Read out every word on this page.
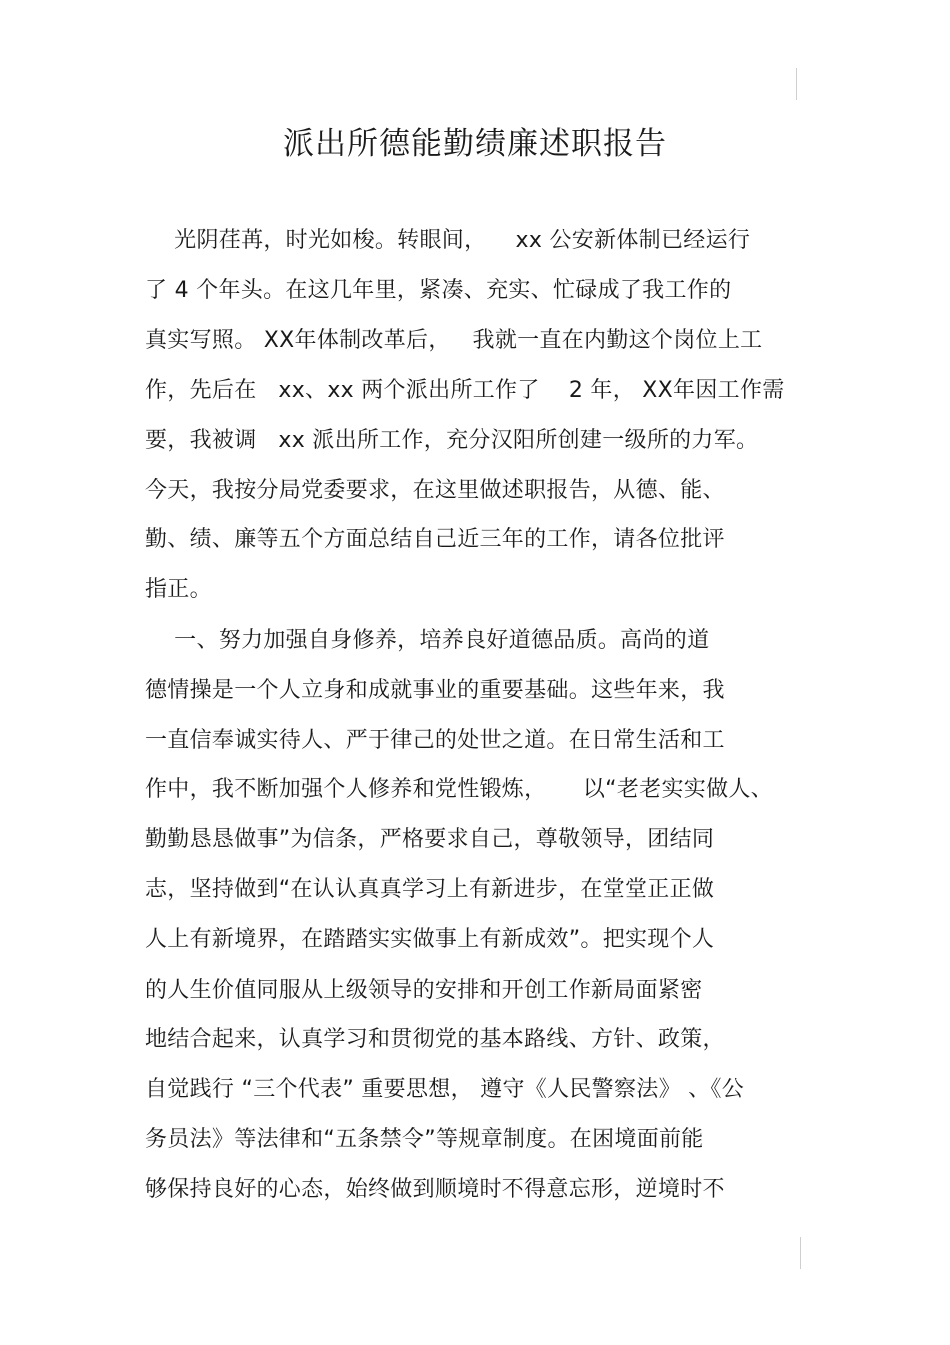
派出所德能勤绩廉述职报告
光阴荏苒，时光如梭。转眼间，    xx 公安新体制已经运行
了 4 个年头。在这几年里，紧凑、充实、忙碌成了我工作的
真实写照。 XX年体制改革后，   我就一直在内勤这个岗位上工
作，先后在   xx、xx 两个派出所工作了    2 年， XX年因工作需
要，我被调   xx 派出所工作，充分汉阳所创建一级所的力军。
今天，我按分局党委要求，在这里做述职报告，从德、能、
勤、绩、廉等五个方面总结自己近三年的工作，请各位批评
指正。
一、努力加强自身修养，培养良好道德品质。高尚的道
德情操是一个人立身和成就事业的重要基础。这些年来，我
一直信奉诚实待人、严于律己的处世之道。在日常生活和工
作中，我不断加强个人修养和党性锻炼，     以“老老实实做人、
勤勤恳恳做事”为信条，严格要求自己，尊敬领导，团结同
志，坚持做到“在认认真真学习上有新进步，在堂堂正正做
人上有新境界，在踏踏实实做事上有新成效”。把实现个人
的人生价值同服从上级领导的安排和开创工作新局面紧密
地结合起来，认真学习和贯彻党的基本路线、方针、政策，
自觉践行 “三个代表” 重要思想， 遵守《人民警察法》 、《公
务员法》等法律和“五条禁令”等规章制度。在困境面前能
够保持良好的心态，始终做到顺境时不得意忘形，逆境时不
